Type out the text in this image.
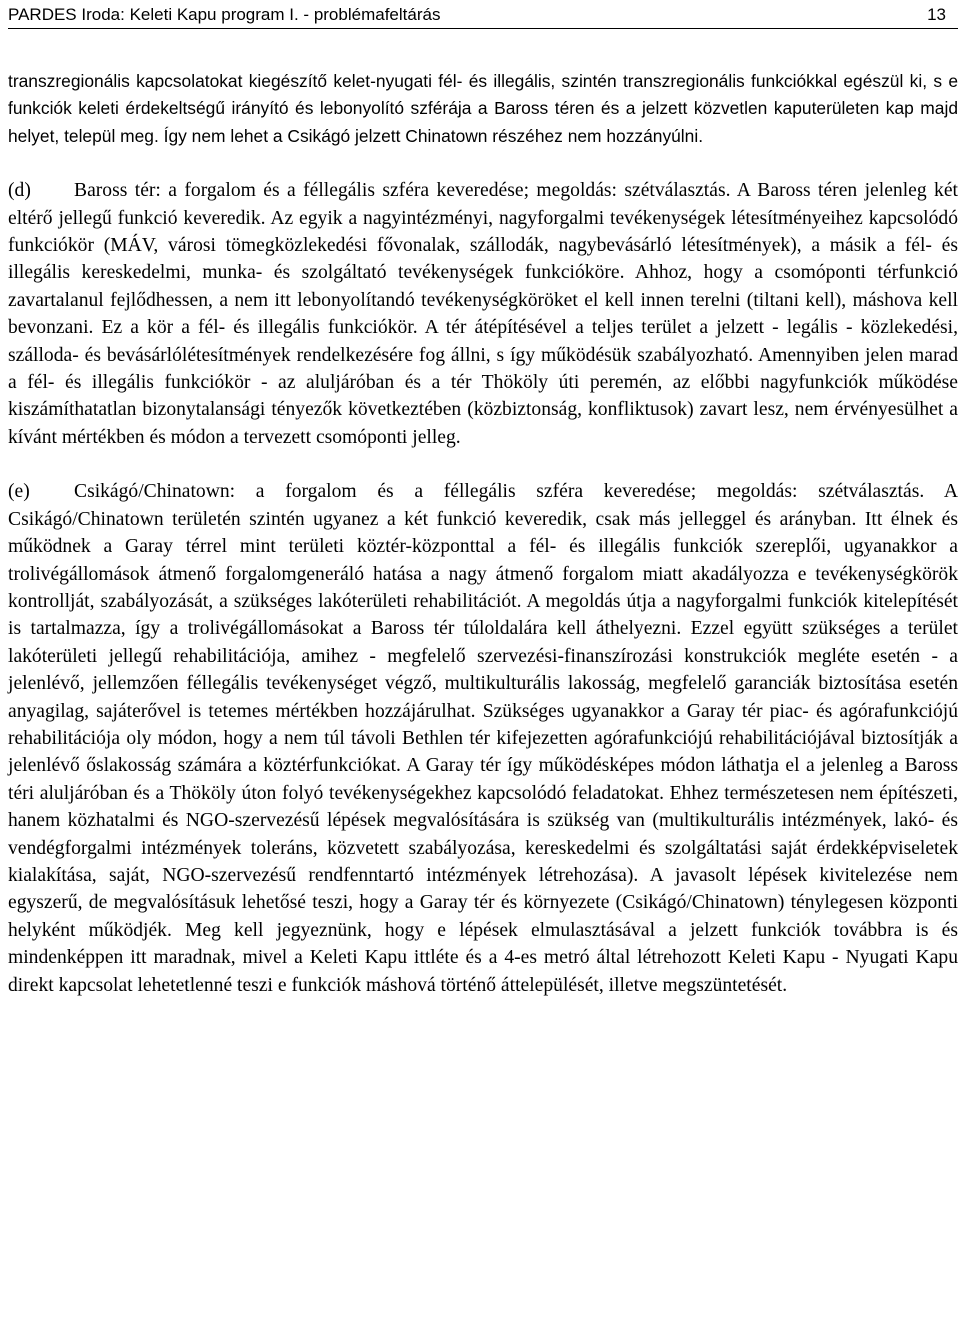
PARDES Iroda: Keleti Kapu program I. - problémafeltárás	13

transzregionális kapcsolatokat kiegészítő kelet-nyugati fél- és illegális, szintén transzregionális funkciókkal egészül ki, s e funkciók keleti érdekeltségű irányító és lebonyolító szférája a Baross téren és a jelzett közvetlen kaputerületen kap majd helyet, települ meg. Így nem lehet a Csikágó jelzett Chinatown részéhez nem hozzányúlni.

(d) Baross tér: a forgalom és a féllegális szféra keveredése; megoldás: szétválasztás. A Baross téren jelenleg két eltérő jellegű funkció keveredik. Az egyik a nagyintézményi, nagyforgalmi tevékenységek létesítményeihez kapcsolódó funkciókör (MÁV, városi tömegközlekedési fővonalak, szállodák, nagybevásárló létesítmények), a másik a fél- és illegális kereskedelmi, munka- és szolgáltató tevékenységek funkcióköre. Ahhoz, hogy a csomóponti térfunkció zavartalanul fejlődhessen, a nem itt lebonyolítandó tevékenységköröket el kell innen terelni (tiltani kell), máshova kell bevonzani. Ez a kör a fél- és illegális funkciókör. A tér átépítésével a teljes terület a jelzett - legális - közlekedési, szálloda- és bevásárlólétesítmények rendelkezésére fog állni, s így működésük szabályozható. Amennyiben jelen marad a fél- és illegális funkciókör - az aluljáróban és a tér Thököly úti peremén, az előbbi nagyfunkciók működése kiszámíthatatlan bizonytalansági tényezők következtében (közbiztonság, konfliktusok) zavart lesz, nem érvényesülhet a kívánt mértékben és módon a tervezett csomóponti jelleg.

(e) Csikágó/Chinatown: a forgalom és a féllegális szféra keveredése; megoldás: szétválasztás. A Csikágó/Chinatown területén szintén ugyanez a két funkció keveredik, csak más jelleggel és arányban. Itt élnek és működnek a Garay térrel mint területi köztér-központtal a fél- és illegális funkciók szereplői, ugyanakkor a trolivégállomások átmenő forgalomgeneráló hatása a nagy átmenő forgalom miatt akadályozza e tevékenységkörök kontrollját, szabályozását, a szükséges lakóterületi rehabilitációt. A megoldás útja a nagyforgalmi funkciók kitelepítését is tartalmazza, így a trolivégállomásokat a Baross tér túloldalára kell áthelyezni. Ezzel együtt szükséges a terület lakóterületi jellegű rehabilitációja, amihez - megfelelő szervezési-finanszírozási konstrukciók megléte esetén - a jelenlévő, jellemzően féllegális tevékenységet végző, multikulturális lakosság, megfelelő garanciák biztosítása esetén anyagilag, sajáterővel is tetemes mértékben hozzájárulhat. Szükséges ugyanakkor a Garay tér piac- és agórafunkciójú rehabilitációja oly módon, hogy a nem túl távoli Bethlen tér kifejezetten agórafunkciójú rehabilitációjával biztosítják a jelenlévő őslakosság számára a köztérfunkciókat. A Garay tér így működésképes módon láthatja el a jelenleg a Baross téri aluljáróban és a Thököly úton folyó tevékenységekhez kapcsolódó feladatokat. Ehhez természetesen nem építészeti, hanem közhatalmi és NGO-szervezésű lépések megvalósítására is szükség van (multikulturális intézmények, lakó- és vendégforgalmi intézmények toleráns, közvetett szabályozása, kereskedelmi és szolgáltatási saját érdekképviseletek kialakítása, saját, NGO-szervezésű rendfenntartó intézmények létrehozása). A javasolt lépések kivitelezése nem egyszerű, de megvalósításuk lehetősé teszi, hogy a Garay tér és környezete (Csikágó/Chinatown) ténylegesen központi helyként működjék. Meg kell jegyeznünk, hogy e lépések elmulasztásával a jelzett funkciók továbbra is és mindenképpen itt maradnak, mivel a Keleti Kapu ittléte és a 4-es metró által létrehozott Keleti Kapu - Nyugati Kapu direkt kapcsolat lehetetlenné teszi e funkciók máshová történő áttelepülését, illetve megszüntetését.
